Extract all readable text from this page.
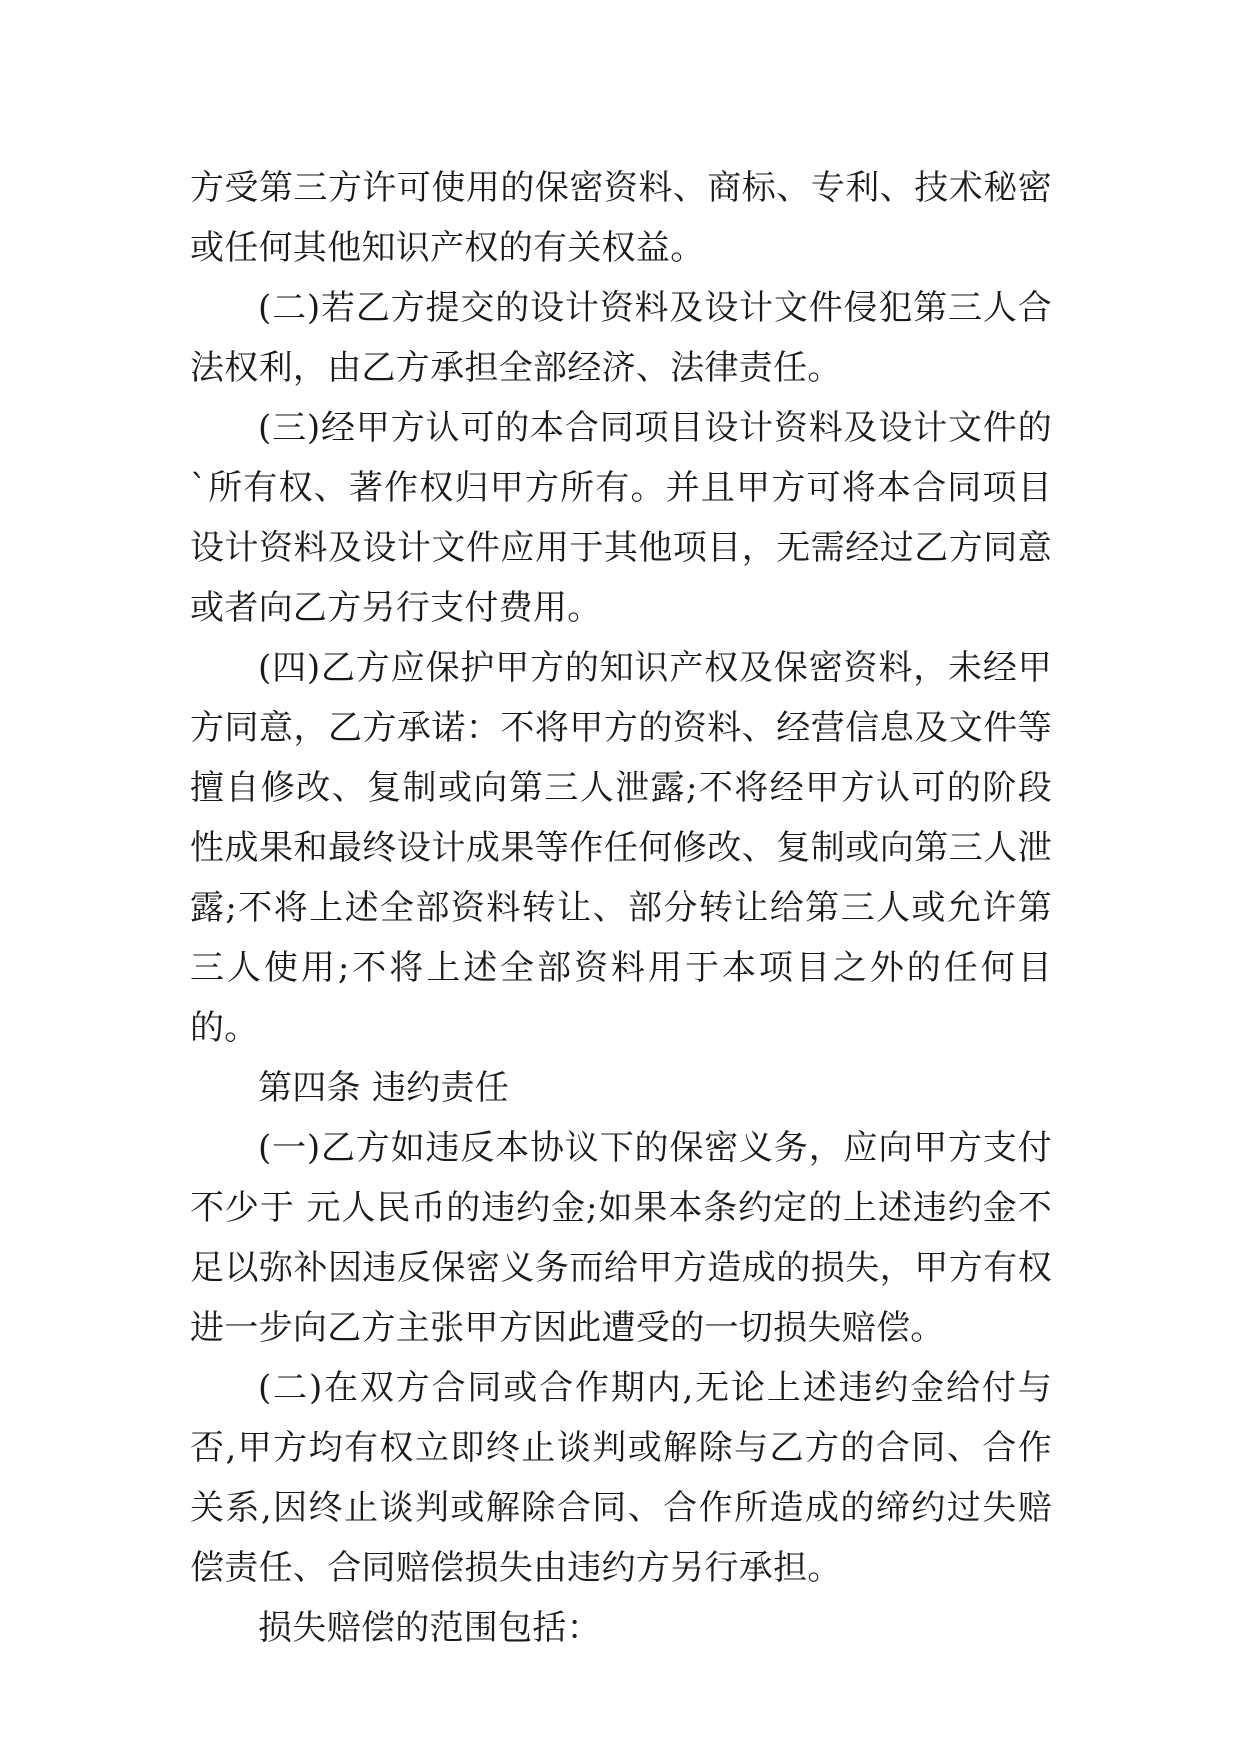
方受第三方许可使用的保密资料、商标、专利、技术秘密或任何其他知识产权的有关权益。

(二)若乙方提交的设计资料及设计文件侵犯第三人合法权利，由乙方承担全部经济、法律责任。

(三)经甲方认可的本合同项目设计资料及设计文件的`所有权、著作权归甲方所有。并且甲方可将本合同项目设计资料及设计文件应用于其他项目，无需经过乙方同意或者向乙方另行支付费用。

(四)乙方应保护甲方的知识产权及保密资料，未经甲方同意，乙方承诺：不将甲方的资料、经营信息及文件等擅自修改、复制或向第三人泄露;不将经甲方认可的阶段性成果和最终设计成果等作任何修改、复制或向第三人泄露;不将上述全部资料转让、部分转让给第三人或允许第三人使用;不将上述全部资料用于本项目之外的任何目的。

第四条 违约责任

(一)乙方如违反本协议下的保密义务，应向甲方支付不少于 元人民币的违约金;如果本条约定的上述违约金不足以弥补因违反保密义务而给甲方造成的损失，甲方有权进一步向乙方主张甲方因此遭受的一切损失赔偿。

(二)在双方合同或合作期内,无论上述违约金给付与否,甲方均有权立即终止谈判或解除与乙方的合同、合作关系,因终止谈判或解除合同、合作所造成的缔约过失赔偿责任、合同赔偿损失由违约方另行承担。

损失赔偿的范围包括：
